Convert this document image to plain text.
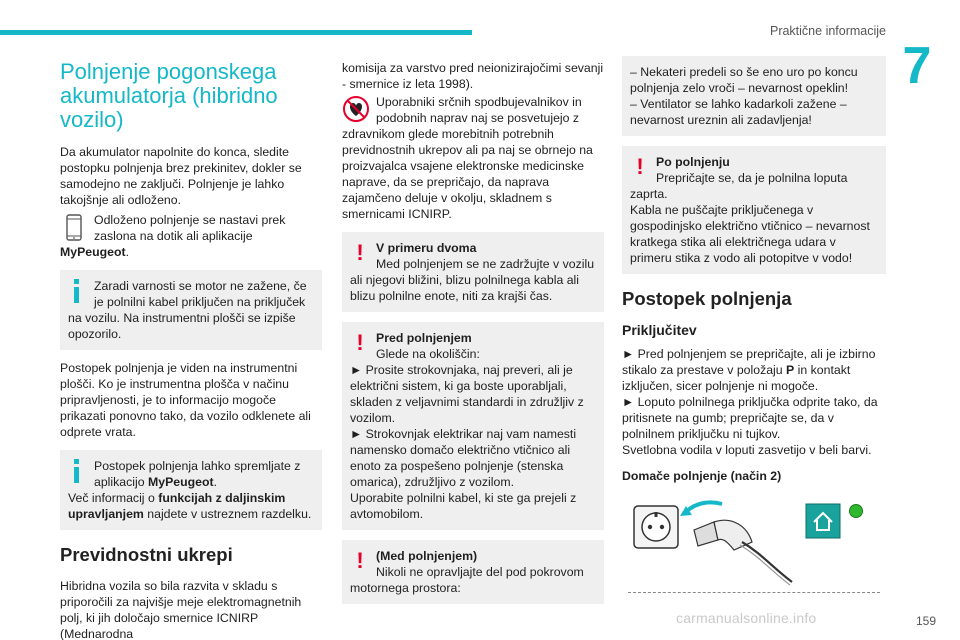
Praktične informacije
7
Polnjenje pogonskega akumulatorja (hibridno vozilo)

Da akumulator napolnite do konca, sledite postopku polnjenja brez prekinitev, dokler se samodejno ne zaključi. Polnjenje je lahko takojšnje ali odloženo.

Odloženo polnjenje se nastavi prek zaslona na dotik ali aplikacije MyPeugeot.

Zaradi varnosti se motor ne zažene, če je polnilni kabel priključen na priključek na vozilu. Na instrumentni plošči se izpiše opozorilo.

Postopek polnjenja je viden na instrumentni plošči. Ko je instrumentna plošča v načinu pripravljenosti, je to informacijo mogoče prikazati ponovno tako, da vozilo odklenete ali odprete vrata.

Postopek polnjenja lahko spremljate z aplikacijo MyPeugeot.
Več informacij o funkcijah z daljinskim upravljanjem najdete v ustreznem razdelku.
Previdnostni ukrepi

Hibridna vozila so bila razvita v skladu s priporočili za najvišje meje elektromagnetnih polj, ki jih določajo smernice ICNIRP (Mednarodna

komisija za varstvo pred neionizirajočimi sevanji - smernice iz leta 1998).

Uporabniki srčnih spodbujevalnikov in podobnih naprav naj se posvetujejo z zdravnikom glede morebitnih potrebnih previdnostnih ukrepov ali pa naj se obrnejo na proizvajalca vsajene elektronske medicinske naprave, da se prepričajo, da naprava zajamčeno deluje v okolju, skladnem s smernicami ICNIRP.

!	V primeru dvoma
Med polnjenjem se ne zadržujte v vozilu ali njegovi bližini, blizu polnilnega kabla ali blizu polnilne enote, niti za krajši čas.
!	Pred polnjenjem
Glede na okoliščin:
► Prosite strokovnjaka, naj preveri, ali je električni sistem, ki ga boste uporabljali, skladen z veljavnimi standardi in združljiv z vozilom.
► Strokovnjak elektrikar naj vam namesti namensko domačo električno vtičnico ali enoto za pospešeno polnjenje (stenska omarica), združljivo z vozilom.
Uporabite polnilni kabel, ki ste ga prejeli z avtomobilom.
!	(Med polnjenjem)
Nikoli ne opravljajte del pod pokrovom motornega prostora:
– Nekateri predeli so še eno uro po koncu polnjenja zelo vroči – nevarnost opeklin!
– Ventilator se lahko kadarkoli zažene – nevarnost ureznin ali zadavljenja!
!	Po polnjenju
Prepričajte se, da je polnilna loputa zaprta.
Kabla ne puščajte priključenega v gospodinjsko električno vtičnico – nevarnost kratkega stika ali električnega udara v primeru stika z vodo ali potopitve v vodo!
Postopek polnjenja
Priključitev

► Pred polnjenjem se prepričajte, ali je izbirno stikalo za prestave v položaju P in kontakt izključen, sicer polnjenje ni mogoče.

► Loputo polnilnega priključka odprite tako, da pritisnete na gumb; prepričajte se, da v polnilnem priključku ni tujkov.

Svetlobna vodila v loputi zasvetijo v beli barvi.

Domače polnjenje (način 2)
carmanualsonline.info	159
